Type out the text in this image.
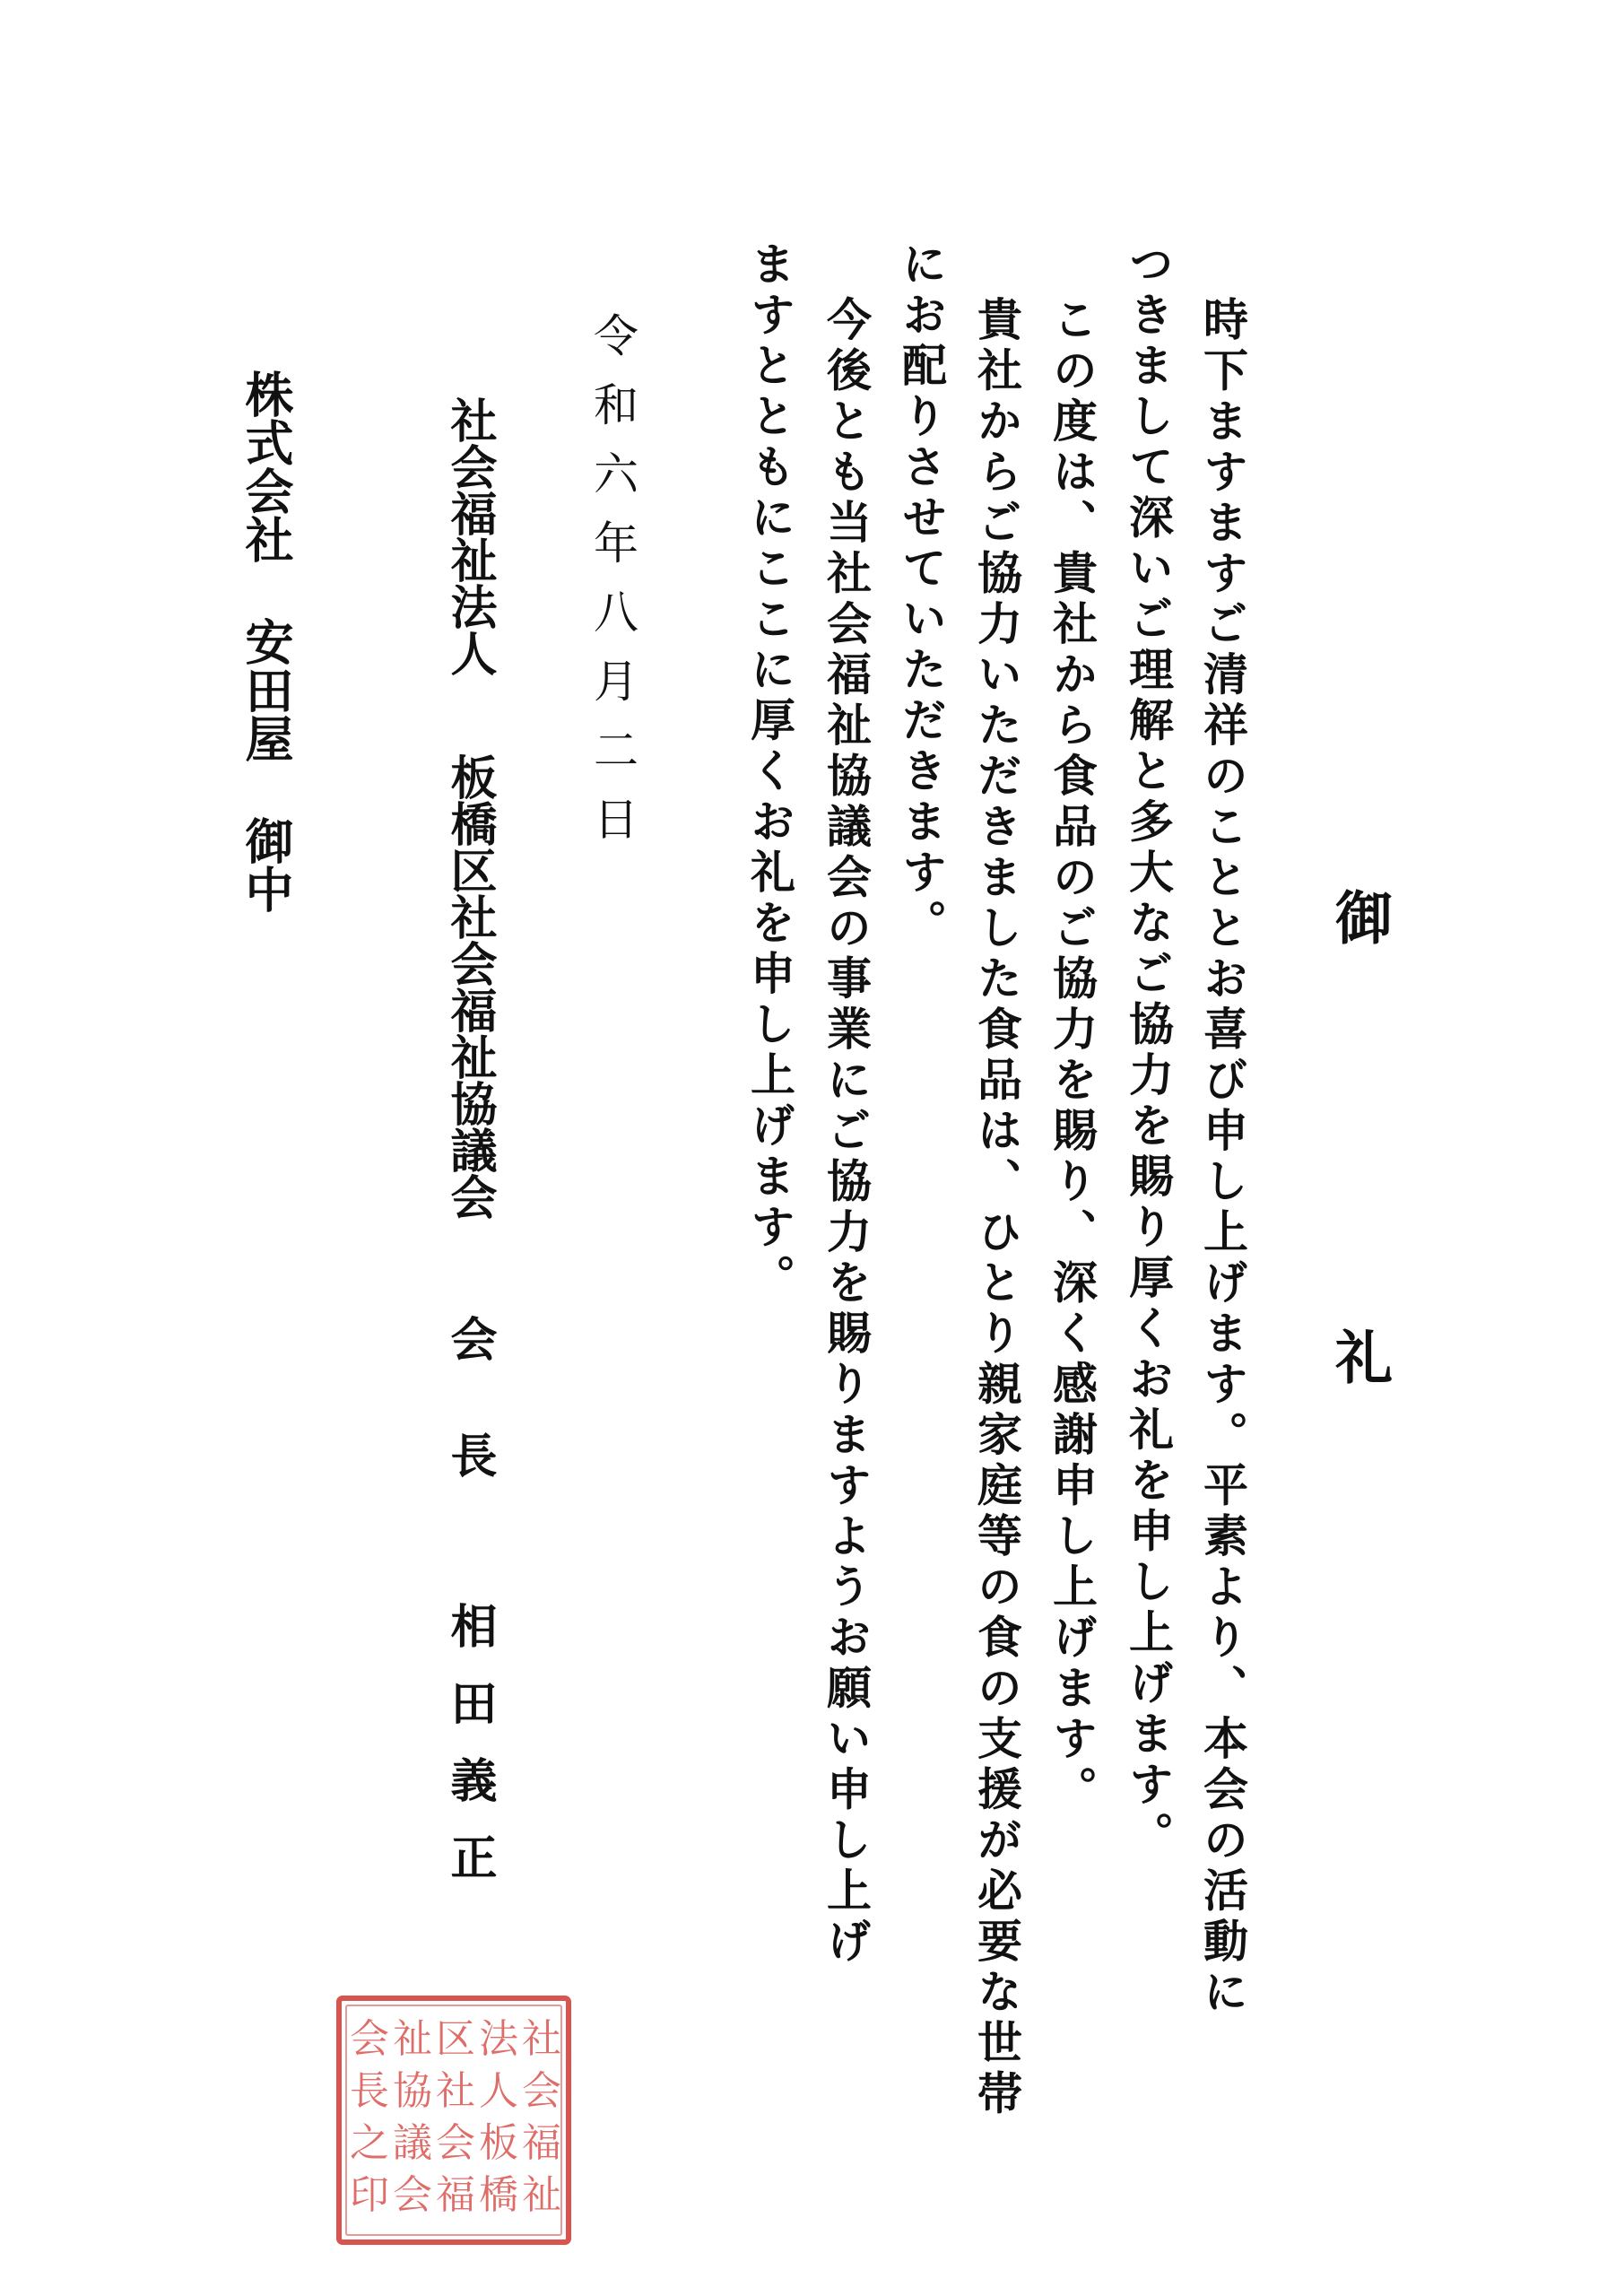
御
礼
時下ますますご清祥のこととお喜び申し上げます。平素より、本会の活動に
つきまして深いご理解と多大なご協力を賜り厚くお礼を申し上げます。
この度は、貴社から食品のご協力を賜り、深く感謝申し上げます。
貴社からご協力いただきました食品は、ひとり親家庭等の食の支援が必要な世帯
にお配りさせていただきます。
今後とも当社会福祉協議会の事業にご協力を賜りますようお願い申し上げ
ますとともにここに厚くお礼を申し上げます。
令和六年八月二日
社会福祉法人板橋区社会福祉協議会会長相田義正
株式会社安田屋御中
社
会
福
祉
法
人
板
橋
区
社
会
福
祉
協
議
会
会
長
之
印
